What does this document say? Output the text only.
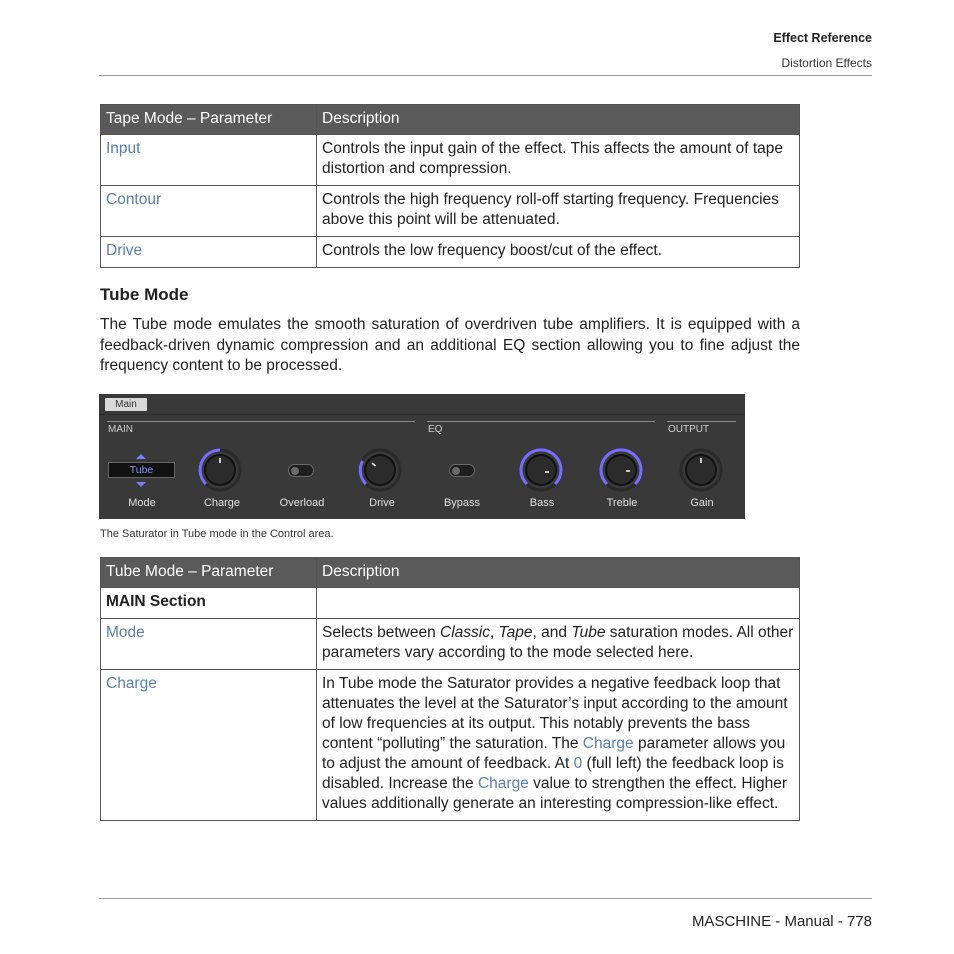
Effect Reference
Distortion Effects
Tape Mode – Parameter	Description
Input	Controls the input gain of the effect. This affects the amount of tape distortion and compression.
Contour	Controls the high frequency roll-off starting frequency. Frequencies above this point will be attenuated.
Drive	Controls the low frequency boost/cut of the effect.
Tube Mode

The Tube mode emulates the smooth saturation of overdriven tube amplifiers. It is equipped with a feedback-driven dynamic compression and an additional EQ section allowing you to fine adjust the frequency content to be processed.

Main
MAIN	EQ	OUTPUT
Tube
Mode	Charge	Overload	Drive	Bypass	Bass	Treble	Gain
The Saturator in Tube mode in the Control area.
Tube Mode – Parameter	Description
MAIN Section	
Mode	Selects between Classic, Tape, and Tube saturation modes. All other parameters vary according to the mode selected here.
Charge	In Tube mode the Saturator provides a negative feedback loop that attenuates the level at the Saturator’s input according to the amount of low frequencies at its output. This notably prevents the bass content “polluting” the saturation. The Charge parameter allows you to adjust the amount of feedback. At 0 (full left) the feedback loop is disabled. Increase the Charge value to strengthen the effect. Higher values additionally generate an interesting compression-like effect.
MASCHINE - Manual - 778
